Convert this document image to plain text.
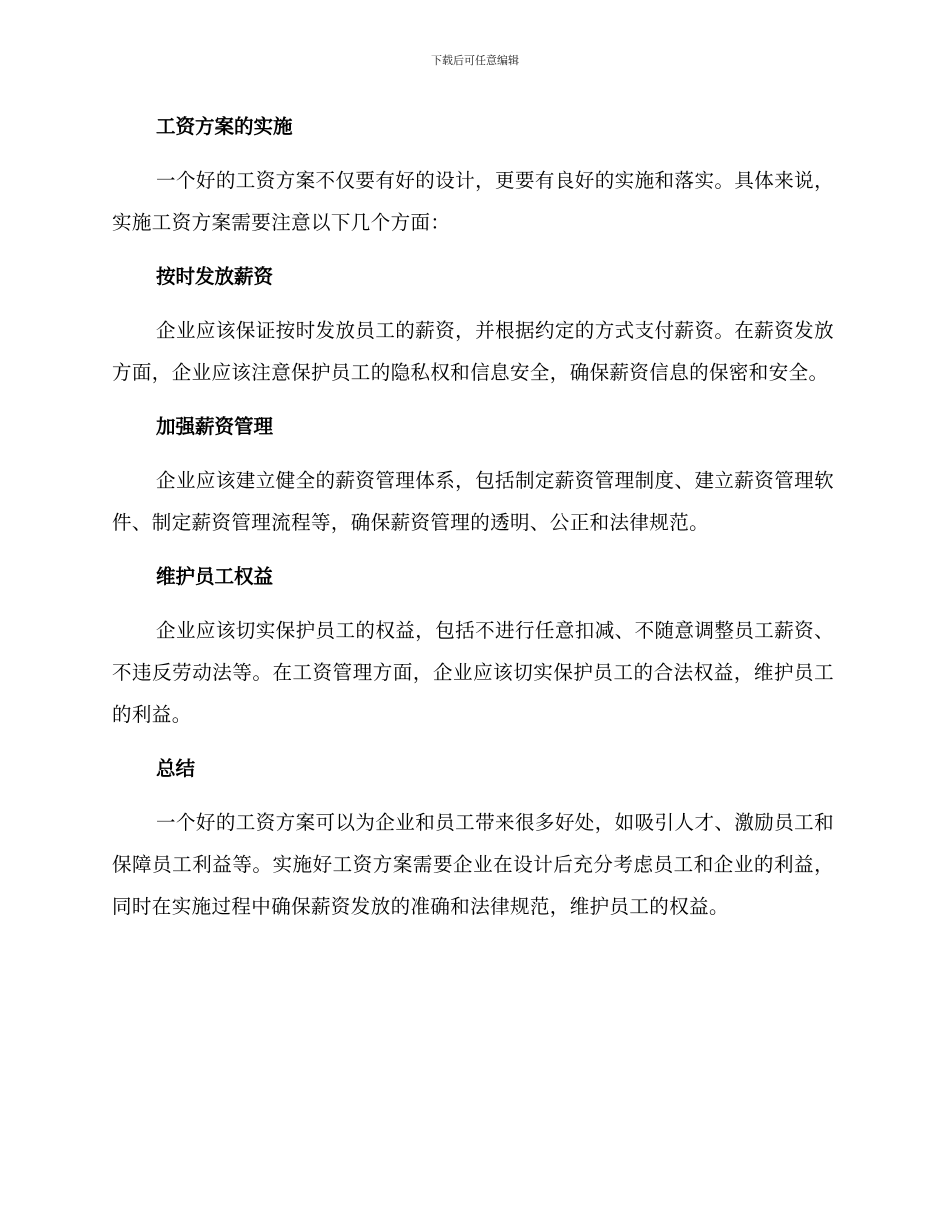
下载后可任意编辑
工资方案的实施

一个好的工资方案不仅要有好的设计，更要有良好的实施和落实。具体来说，实施工资方案需要注意以下几个方面：

按时发放薪资

企业应该保证按时发放员工的薪资，并根据约定的方式支付薪资。在薪资发放方面，企业应该注意保护员工的隐私权和信息安全，确保薪资信息的保密和安全。

加强薪资管理

企业应该建立健全的薪资管理体系，包括制定薪资管理制度、建立薪资管理软件、制定薪资管理流程等，确保薪资管理的透明、公正和法律规范。

维护员工权益

企业应该切实保护员工的权益，包括不进行任意扣减、不随意调整员工薪资、不违反劳动法等。在工资管理方面，企业应该切实保护员工的合法权益，维护员工的利益。

总结

一个好的工资方案可以为企业和员工带来很多好处，如吸引人才、激励员工和保障员工利益等。实施好工资方案需要企业在设计后充分考虑员工和企业的利益，同时在实施过程中确保薪资发放的准确和法律规范，维护员工的权益。
